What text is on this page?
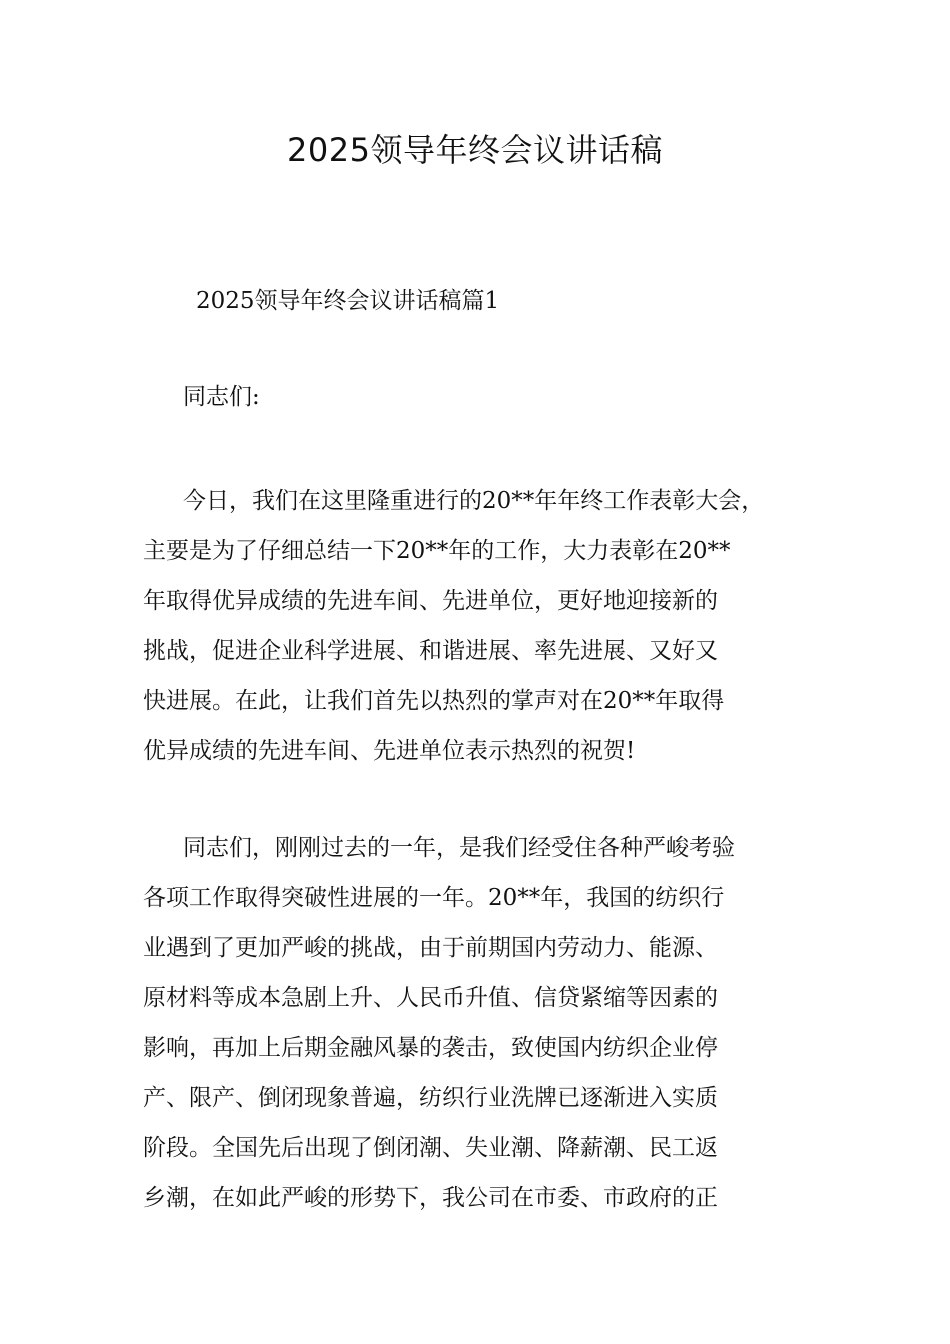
2025领导年终会议讲话稿
2025领导年终会议讲话稿篇1

同志们:

今日，我们在这里隆重进行的20**年年终工作表彰大会，
主要是为了仔细总结一下20**年的工作，大力表彰在20**
年取得优异成绩的先进车间、先进单位，更好地迎接新的
挑战，促进企业科学进展、和谐进展、率先进展、又好又
快进展。在此，让我们首先以热烈的掌声对在20**年取得
优异成绩的先进车间、先进单位表示热烈的祝贺!
同志们，刚刚过去的一年，是我们经受住各种严峻考验
各项工作取得突破性进展的一年。20**年，我国的纺织行
业遇到了更加严峻的挑战，由于前期国内劳动力、能源、
原材料等成本急剧上升、人民币升值、信贷紧缩等因素的
影响，再加上后期金融风暴的袭击，致使国内纺织企业停
产、限产、倒闭现象普遍，纺织行业洗牌已逐渐进入实质
阶段。全国先后出现了倒闭潮、失业潮、降薪潮、民工返
乡潮，在如此严峻的形势下，我公司在市委、市政府的正
